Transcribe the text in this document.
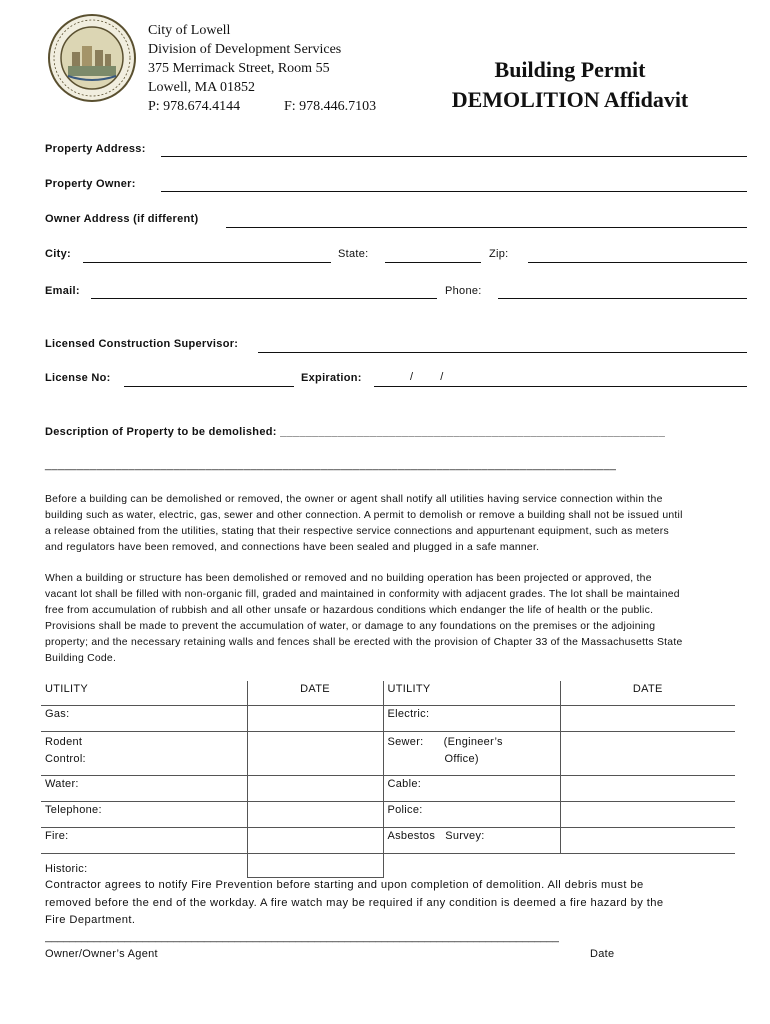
City of Lowell
Division of Development Services
375 Merrimack Street, Room 55
Lowell, MA 01852
P: 978.674.4144	F: 978.446.7103
Building Permit
DEMOLITION Affidavit
Property Address:
Property Owner:
Owner Address (if different)
City:	State:	Zip:
Email:	Phone:
Licensed Construction Supervisor:
License No:	Expiration:	/        /
Description of Property to be demolished: ____________________________________________________________
_________________________________________________________________________________________
Before a building can be demolished or removed, the owner or agent shall notify all utilities having service connection within the
building such as water, electric, gas, sewer and other connection. A permit to demolish or remove a building shall not be issued until
a release obtained from the utilities, stating that their respective service connections and appurtenant equipment, such as meters
and regulators have been removed, and connections have been sealed and plugged in a safe manner.
When a building or structure has been demolished or removed and no building operation has been projected or approved, the
vacant lot shall be filled with non-organic fill, graded and maintained in conformity with adjacent grades. The lot shall be maintained
free from accumulation of rubbish and all other unsafe or hazardous conditions which endanger the life of health or the public.
Provisions shall be made to prevent the accumulation of water, or damage to any foundations on the premises or the adjoining
property; and the necessary retaining walls and fences shall be erected with the provision of Chapter 33 of the Massachusetts State
Building Code.
UTILITY	DATE	UTILITY	DATE
Gas:		Electric:	
Rodent
Control:		Sewer:      (Engineer’s
Office)	
Water:		Cable:	
Telephone:		Police:	
Fire:		Asbestos   Survey:	
Historic:			
Contractor agrees to notify Fire Prevention before starting and upon completion of demolition. All debris must be
removed before the end of the workday. A fire watch may be required if any condition is deemed a fire hazard by the
Fire Department.
____________________________________________________________________________________
Owner/Owner’s Agent	Date
